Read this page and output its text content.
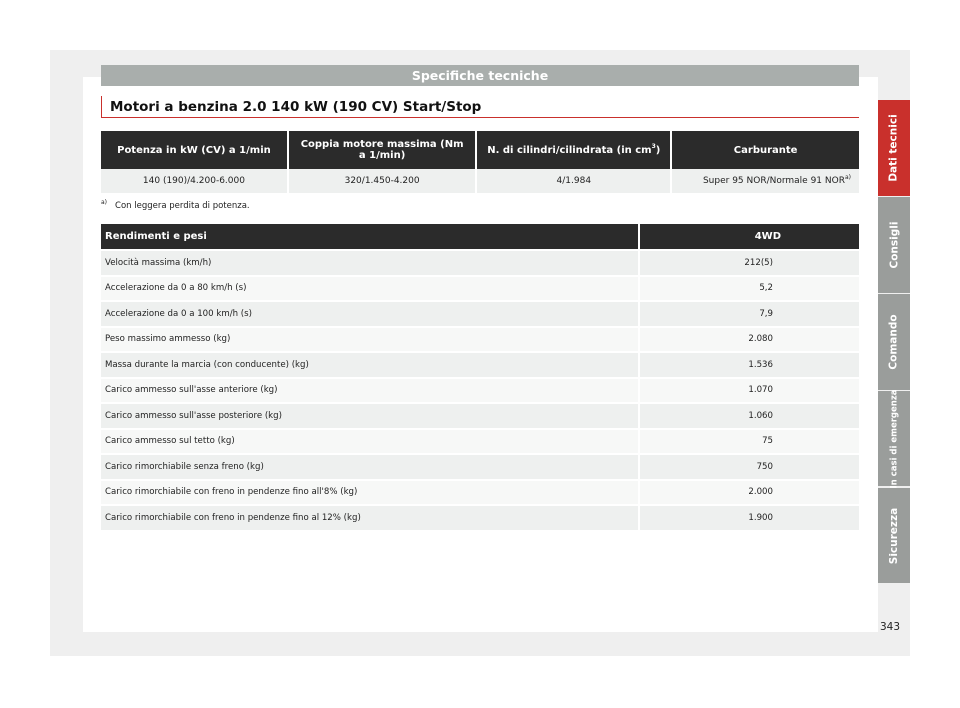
Specifiche tecniche
Motori a benzina 2.0 140 kW (190 CV) Start/Stop
Potenza in kW (CV) a 1/min	Coppia motore massima (Nm a 1/min)	N. di cilindri/cilindrata (in $cm^3$)	Carburante
140 (190)/4.200-6.000	320/1.450-4.200	4/1.984	Super 95 NOR/Normale 91 NOR$^{a)}$
$^{a)}$ Con leggera perdita di potenza.
Rendimenti e pesi	4WD
Velocità massima (km/h)	212(5)
Accelerazione da 0 a 80 km/h (s)	5,2
Accelerazione da 0 a 100 km/h (s)	7,9
Peso massimo ammesso (kg)	2.080
Massa durante la marcia (con conducente) (kg)	1.536
Carico ammesso sull'asse anteriore (kg)	1.070
Carico ammesso sull'asse posteriore (kg)	1.060
Carico ammesso sul tetto (kg)	75
Carico rimorchiabile senza freno (kg)	750
Carico rimorchiabile con freno in pendenze fino all'8% (kg)	2.000
Carico rimorchiabile con freno in pendenze fino al 12% (kg)	1.900
Dati tecnici
Consigli
Comando
In casi di emergenza
Sicurezza
343
